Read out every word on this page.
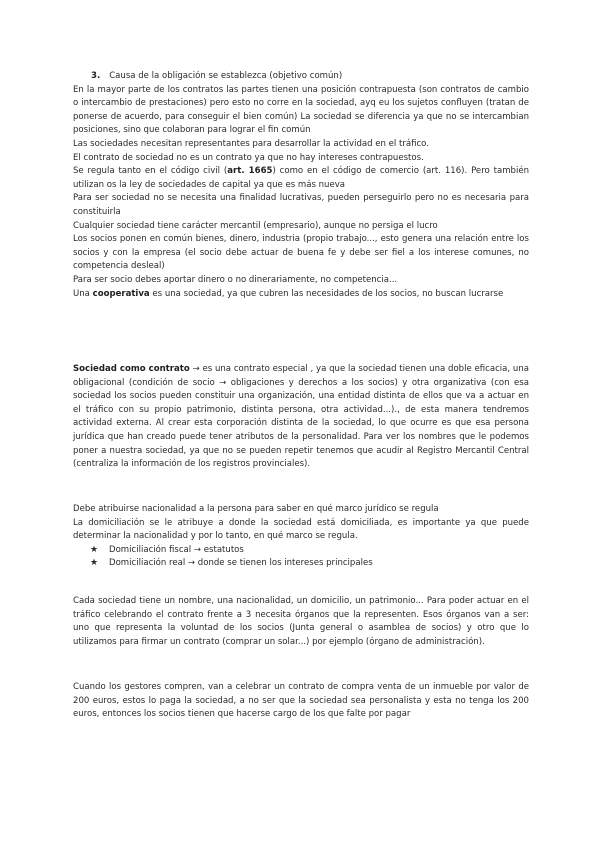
3. Causa de la obligación se establezca (objetivo común)

En la mayor parte de los contratos las partes tienen una posición contrapuesta (son contratos de cambio o intercambio de prestaciones) pero esto no corre en la sociedad, ayq eu los sujetos confluyen (tratan de ponerse de acuerdo, para conseguir el bien común) La sociedad se diferencia ya que no se intercambian posiciones, sino que colaboran para lograr el fin común

Las sociedades necesitan representantes para desarrollar la actividad en el tráfico.

El contrato de sociedad no es un contrato ya que no hay intereses contrapuestos.

Se regula tanto en el código civil (art. 1665) como en el código de comercio (art. 116). Pero también utilizan os la ley de sociedades de capital ya que es más nueva

Para ser sociedad no se necesita una finalidad lucrativas, pueden perseguirlo pero no es necesaria para constituirla

Cualquier sociedad tiene carácter mercantil (empresario), aunque no persiga el lucro

Los socios ponen en común bienes, dinero, industria (propio trabajo..., esto genera una relación entre los socios y con la empresa (el socio debe actuar de buena fe y debe ser fiel a los interese comunes, no competencia desleal)

Para ser socio debes aportar dinero o no dinerariamente, no competencia...

Una cooperativa es una sociedad, ya que cubren las necesidades de los socios, no buscan lucrarse

Sociedad como contrato → es una contrato especial , ya que la sociedad tienen una doble eficacia, una obligacional (condición de socio → obligaciones y derechos a los socios) y otra organizativa (con esa sociedad los socios pueden constituir una organización, una entidad distinta de ellos que va a actuar en el tráfico con su propio patrimonio, distinta persona, otra actividad...)., de esta manera tendremos actividad externa. Al crear esta corporación distinta de la sociedad, lo que ocurre es que esa persona jurídica que han creado puede tener atributos de la personalidad. Para ver los nombres que le podemos poner a nuestra sociedad, ya que no se pueden repetir tenemos que acudir al Registro Mercantil Central (centraliza la información de los registros provinciales).

Debe atribuirse nacionalidad a la persona para saber en qué marco jurídico se regula

La domiciliación se le atribuye a donde la sociedad está domiciliada, es importante ya que puede determinar la nacionalidad y por lo tanto, en qué marco se regula.

★ Domiciliación fiscal → estatutos
★ Domiciliación real → donde se tienen los intereses principales

Cada sociedad tiene un nombre, una nacionalidad, un domicilio, un patrimonio... Para poder actuar en el tráfico celebrando el contrato frente a 3 necesita órganos que la representen. Esos órganos van a ser: uno que representa la voluntad de los socios (Junta general o asamblea de socios) y otro que lo utilizamos para firmar un contrato (comprar un solar...) por ejemplo (órgano de administración).

Cuando los gestores compren, van a celebrar un contrato de compra venta de un inmueble por valor de 200 euros, estos lo paga la sociedad, a no ser que la sociedad sea personalista y esta no tenga los 200 euros, entonces los socios tienen que hacerse cargo de los que falte por pagar
